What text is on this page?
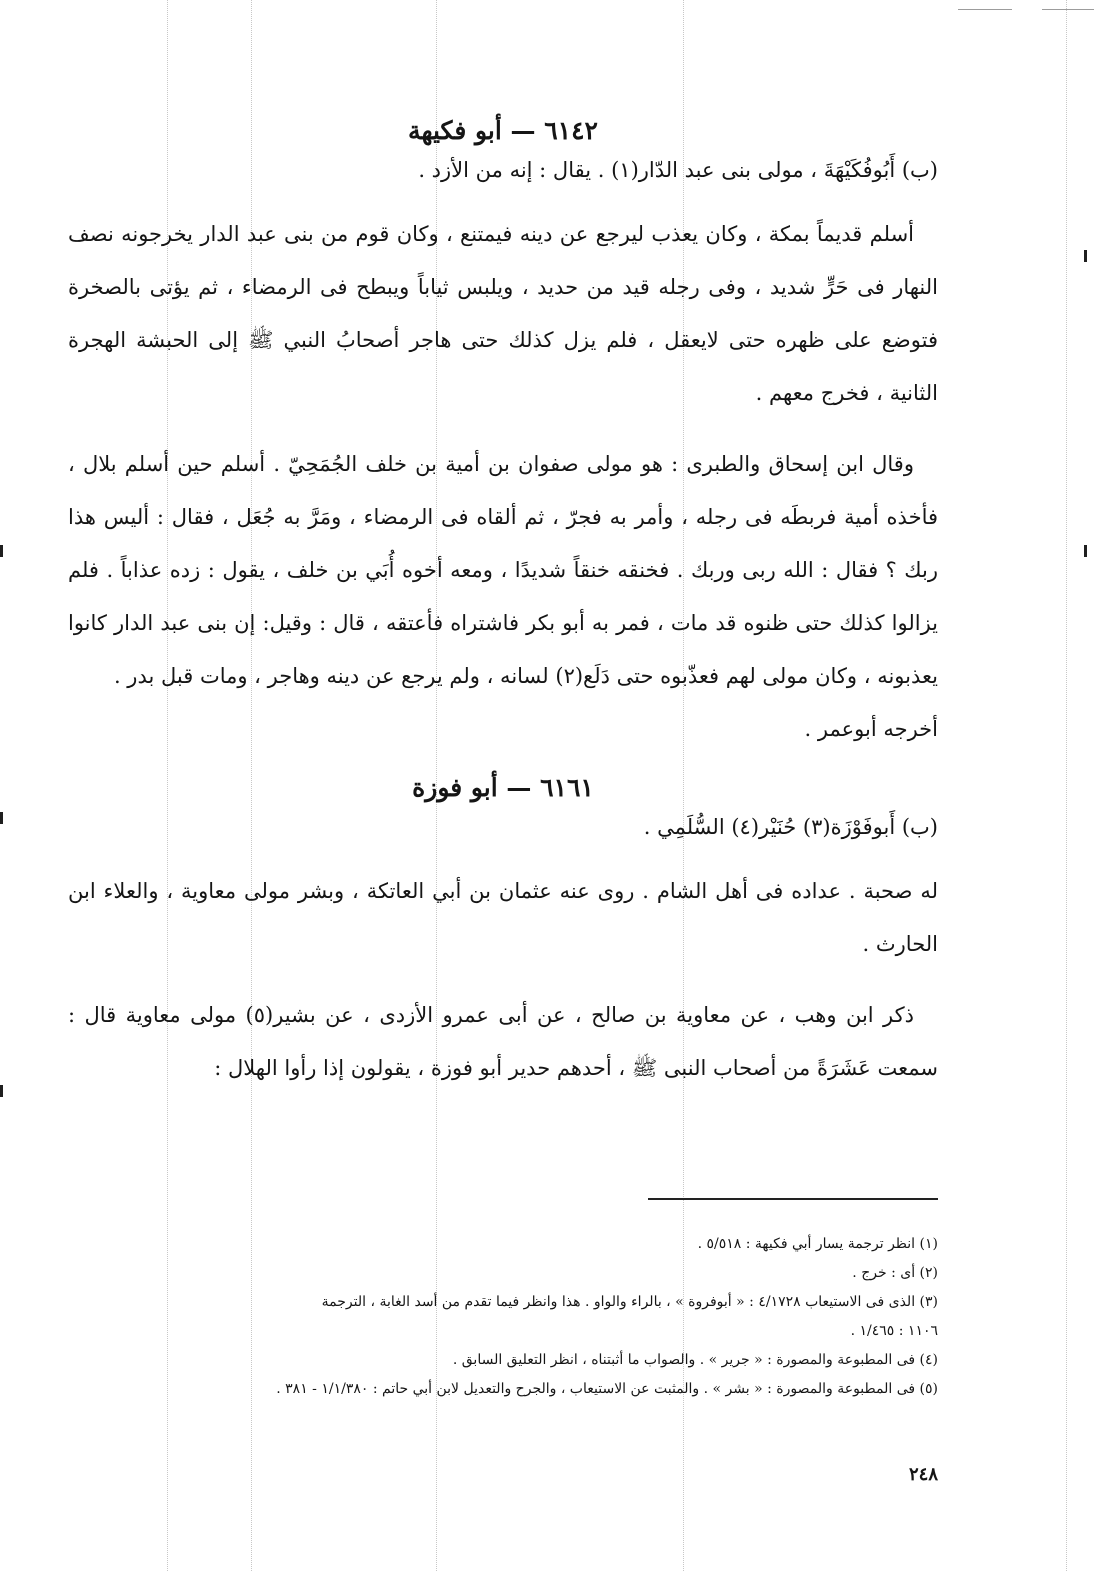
٦١٤٢ — أبو فكيهة

(ب) أَبُوفُكَيْهَةَ ، مولى بنى عبد الدّار(١) . يقال : إنه من الأزد .

أسلم قديماً بمكة ، وكان يعذب ليرجع عن دينه فيمتنع ، وكان قوم من بنى عبد الدار يخرجونه نصف النهار فى حَرٍّ شديد ، وفى رجله قيد من حديد ، ويلبس ثياباً ويبطح فى الرمضاء ، ثم يؤتى بالصخرة فتوضع على ظهره حتى لايعقل ، فلم يزل كذلك حتى هاجر أصحابُ النبي ﷺ إلى الحبشة الهجرة الثانية ، فخرج معهم .

وقال ابن إسحاق والطبرى : هو مولى صفوان بن أمية بن خلف الجُمَحِيّ . أسلم حين أسلم بلال ، فأخذه أمية فربطَه فى رجله ، وأمر به فجرّ ، ثم ألقاه فى الرمضاء ، ومَرَّ به جُعَل ، فقال : أليس هذا ربك ؟ فقال : الله ربى وربك . فخنقه خنقاً شديدًا ، ومعه أخوه أُبَي بن خلف ، يقول : زده عذاباً . فلم يزالوا كذلك حتى ظنوه قد مات ، فمر به أبو بكر فاشتراه فأعتقه ، قال : وقيل: إن بنى عبد الدار كانوا يعذبونه ، وكان مولى لهم فعذّبوه حتى دَلَع(٢) لسانه ، ولم يرجع عن دينه وهاجر ، ومات قبل بدر .

أخرجه أبوعمر .

٦١٦١ — أبو فوزة

(ب) أَبوفَوْزَة(٣) حُنَيْر(٤) السُّلَمِي .

له صحبة . عداده فى أهل الشام . روى عنه عثمان بن أبي العاتكة ، وبشر مولى معاوية ، والعلاء ابن الحارث .

ذكر ابن وهب ، عن معاوية بن صالح ، عن أبى عمرو الأزدى ، عن بشير(٥) مولى معاوية قال : سمعت عَشَرَةً من أصحاب النبى ﷺ ، أحدهم حدير أبو فوزة ، يقولون إذا رأوا الهلال :

(١) انظر ترجمة يسار أبي فكيهة : ٥/٥١٨ .

(٢) أى : خرج .

(٣) الذى فى الاستيعاب ٤/١٧٢٨ : « أبوفروة » ، بالراء والواو . هذا وانظر فيما تقدم من أسد الغابة ، الترجمة

١١٠٦ : ١/٤٦٥ .

(٤) فى المطبوعة والمصورة : « جرير » . والصواب ما أثبتناه ، انظر التعليق السابق .

(٥) فى المطبوعة والمصورة : « بشر » . والمثبت عن الاستيعاب ، والجرح والتعديل لابن أبي حاتم : ١/١/٣٨٠ - ٣٨١ .

٢٤٨
